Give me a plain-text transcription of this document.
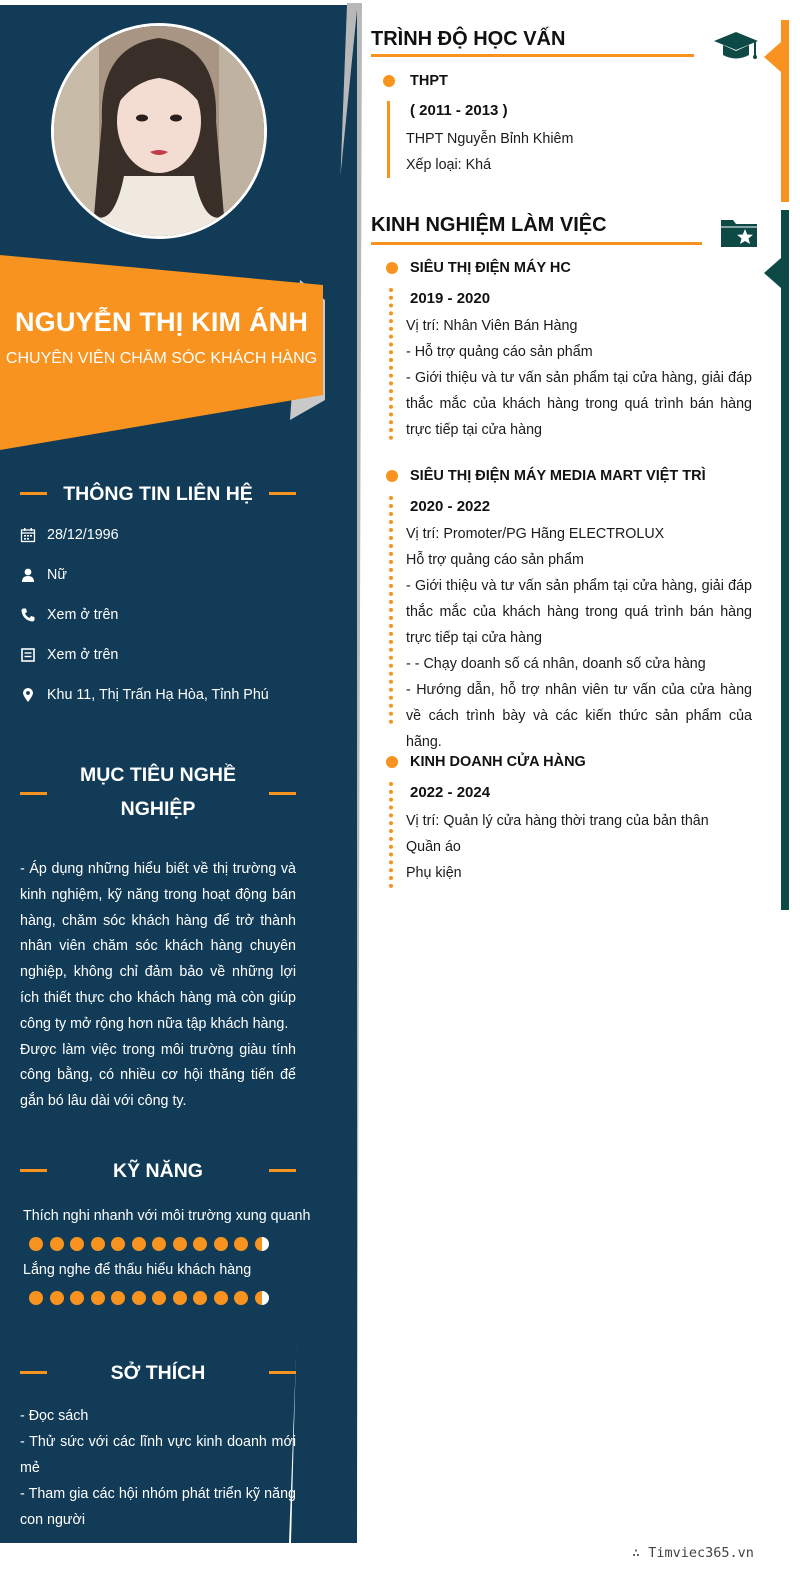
NGUYỄN THỊ KIM ÁNH
CHUYÊN VIÊN CHĂM SÓC KHÁCH HÀNG
THÔNG TIN LIÊN HỆ
28/12/1996
Nữ
Xem ở trên
Xem ở trên
Khu 11, Thị Trấn Hạ Hòa, Tỉnh Phú
MỤC TIÊU NGHỀ
NGHIỆP

- Áp dụng những hiểu biết về thị trường và kinh nghiệm, kỹ năng trong hoạt động bán hàng, chăm sóc khách hàng để trở thành nhân viên chăm sóc khách hàng chuyên nghiệp, không chỉ đảm bảo về những lợi ích thiết thực cho khách hàng mà còn giúp công ty mở rộng hơn nữa tập khách hàng.

Được làm việc trong môi trường giàu tính công bằng, có nhiều cơ hội thăng tiến để gắn bó lâu dài với công ty.

KỸ NĂNG
Thích nghi nhanh với môi trường xung quanh
Lắng nghe để thấu hiểu khách hàng
SỞ THÍCH

- Đọc sách

- Thử sức với các lĩnh vực kinh doanh mới mẻ

- Tham gia các hội nhóm phát triển kỹ năng con người

TRÌNH ĐỘ HỌC VẤN
THPT
( 2011 - 2013 )

THPT Nguyễn Bỉnh Khiêm

Xếp loại: Khá

KINH NGHIỆM LÀM VIỆC
SIÊU THỊ ĐIỆN MÁY HC
2019 - 2020

Vị trí: Nhân Viên Bán Hàng

- Hỗ trợ quảng cáo sản phẩm

- Giới thiệu và tư vấn sản phẩm tại cửa hàng, giải đáp thắc mắc của khách hàng trong quá trình bán hàng trực tiếp tại cửa hàng

SIÊU THỊ ĐIỆN MÁY MEDIA MART VIỆT TRÌ
2020 - 2022

Vị trí: Promoter/PG Hãng ELECTROLUX

Hỗ trợ quảng cáo sản phẩm

- Giới thiệu và tư vấn sản phẩm tại cửa hàng, giải đáp thắc mắc của khách hàng trong quá trình bán hàng trực tiếp tại cửa hàng

- - Chạy doanh số cá nhân, doanh số cửa hàng

- Hướng dẫn, hỗ trợ nhân viên tư vấn của cửa hàng về cách trình bày và các kiến thức sản phẩm của hãng.

KINH DOANH CỬA HÀNG
2022 - 2024

Vị trí: Quản lý cửa hàng thời trang của bản thân

Quần áo

Phụ kiện

∴ Timviec365.vn
